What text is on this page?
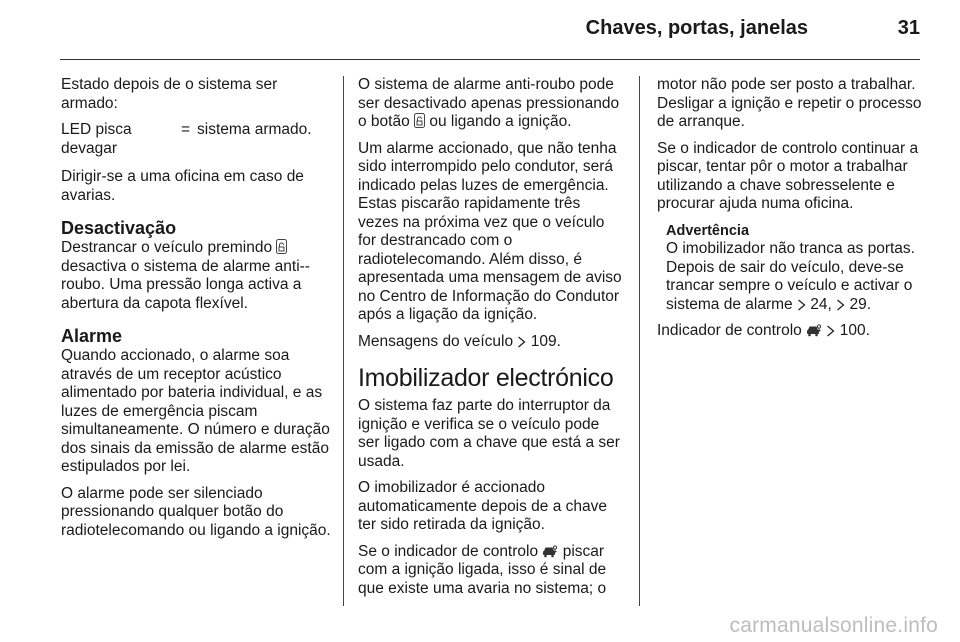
Chaves, portas, janelas	31

Estado depois de o sistema ser armado:

LED pisca devagar
= sistema armado.

Dirigir-se a uma oficina em caso de avarias.

Desactivação

Destrancar o veículo premindo
desactiva o sistema de alarme anti--roubo. Uma pressão longa activa a abertura da capota flexível.

Alarme

Quando accionado, o alarme soa através de um receptor acústico alimentado por bateria individual, e as luzes de emergência piscam simultaneamente. O número e duração dos sinais da emissão de alarme estão estipulados por lei.

O alarme pode ser silenciado pressionando qualquer botão do radiotelecomando ou ligando a ignição.

O sistema de alarme anti-roubo pode ser desactivado apenas pressionando o botão ou ligando a ignição.

Um alarme accionado, que não tenha sido interrompido pelo condutor, será indicado pelas luzes de emergência. Estas piscarão rapidamente três vezes na próxima vez que o veículo for destrancado com o radiotelecomando. Além disso, é apresentada uma mensagem de aviso no Centro de Informação do Condutor após a ligação da ignição.

Mensagens do veículo 109.

Imobilizador electrónico

O sistema faz parte do interruptor da ignição e verifica se o veículo pode ser ligado com a chave que está a ser usada.

O imobilizador é accionado automaticamente depois de a chave ter sido retirada da ignição.

Se o indicador de controlo piscar com a ignição ligada, isso é sinal de que existe uma avaria no sistema; o

motor não pode ser posto a trabalhar. Desligar a ignição e repetir o processo de arranque.

Se o indicador de controlo continuar a piscar, tentar pôr o motor a trabalhar utilizando a chave sobresselente e procurar ajuda numa oficina.

Advertência
O imobilizador não tranca as portas. Depois de sair do veículo, deve-se trancar sempre o veículo e activar o sistema de alarme 24, 29.

Indicador de controlo
100.

carmanualsonline.info
